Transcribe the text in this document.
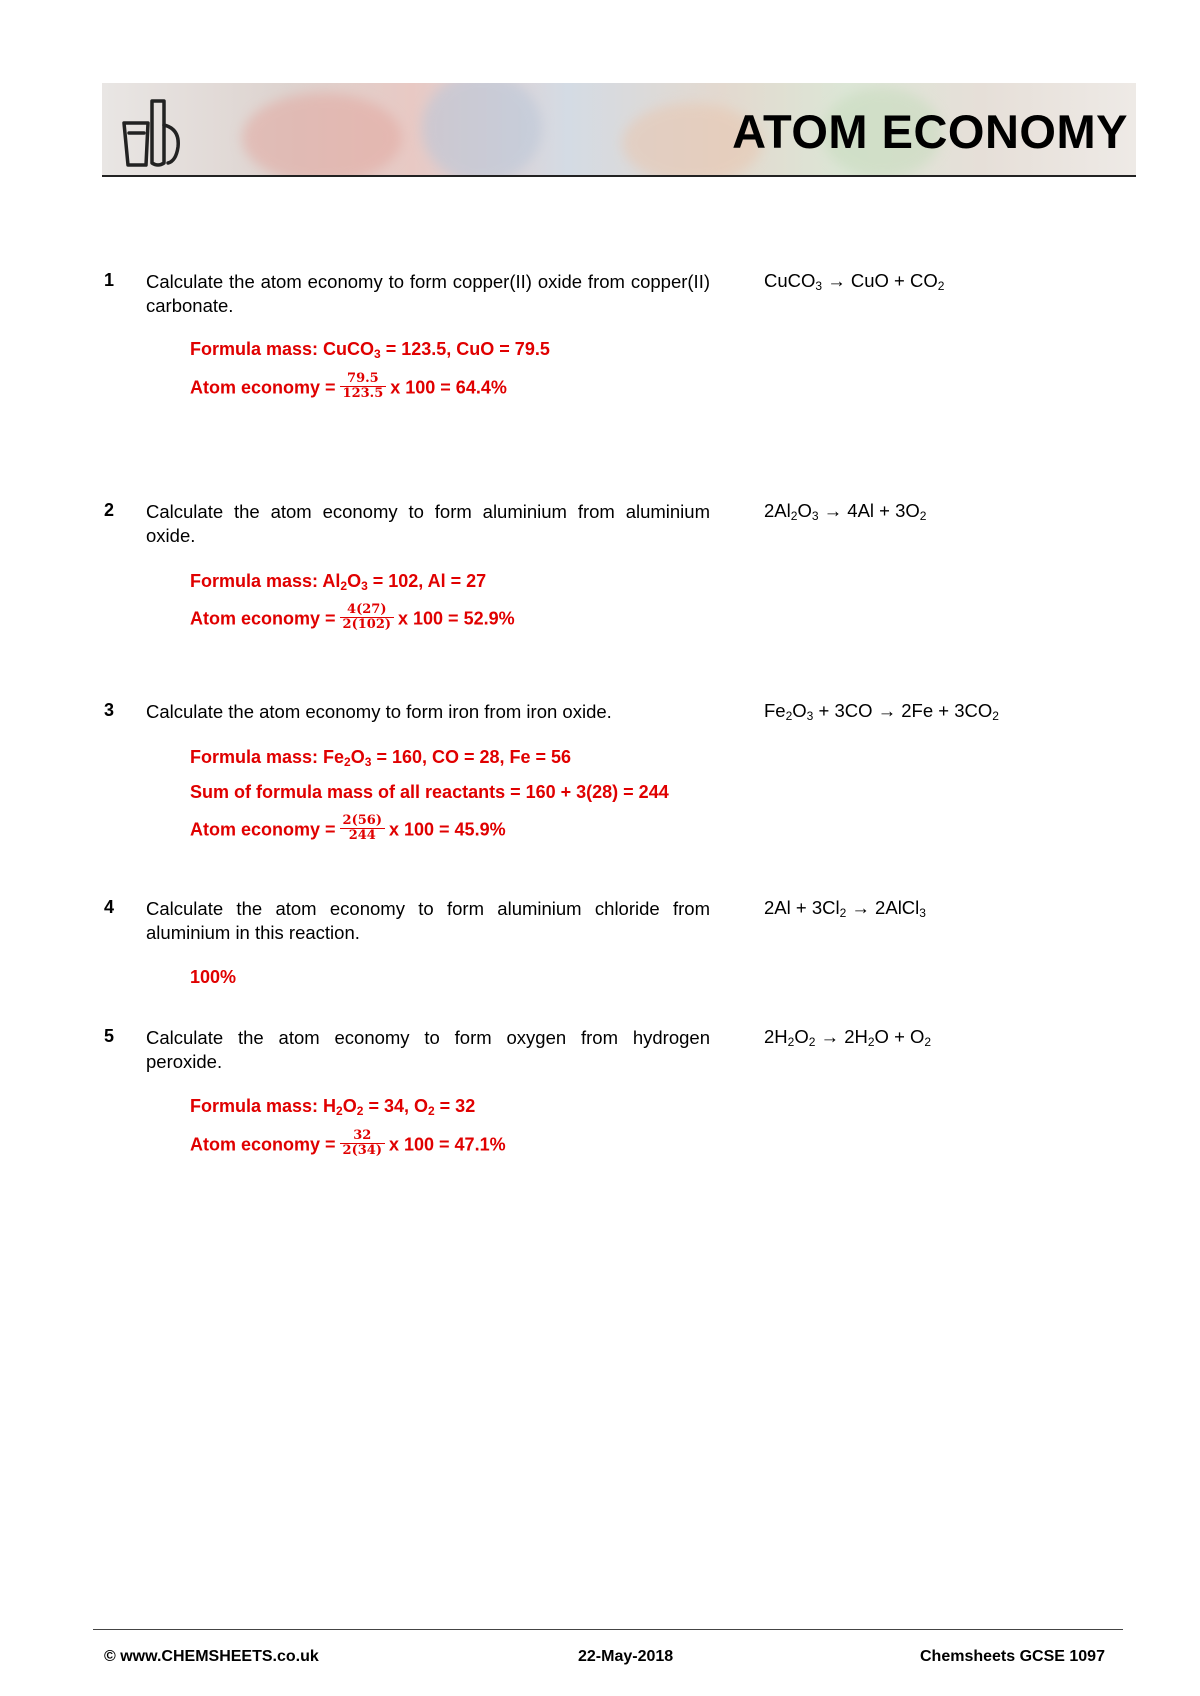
ATOM ECONOMY
1 Calculate the atom economy to form copper(II) oxide from copper(II) carbonate.
CuCO$_3$ → CuO + $CO_2$
Formula mass: CuCO$_3$ = 123.5, CuO = 79.5
Atom economy = $\frac{79.5}{123.5}$ x 100 = 64.4%
2 Calculate the atom economy to form aluminium from aluminium oxide.
$2Al_2O_3 \to 4Al + 3O_2$
Formula mass: $Al_2O_3 = 102$, Al = 27
Atom economy = $\frac{4(27)}{2(102)}$ x 100 = 52.9%
3 Calculate the atom economy to form iron from iron oxide.	$Fe_2O_3 + 3CO \to 2Fe + 3CO_2$
Formula mass: $Fe_2O_3 = 160$, CO = 28, Fe = 56
Sum of formula mass of all reactants = 160 + 3(28) = 244
Atom economy = $\frac{2(56)}{244}$ x 100 = 45.9%
4 Calculate the atom economy to form aluminium chloride from aluminium in this reaction.
$2Al + 3Cl_2$ → 2AlCl$_3$
100%
5 Calculate the atom economy to form oxygen from hydrogen peroxide.
$2H_2O_2 \to 2H_2O + O_2$
Formula mass: $H_2O_2 = 34$, $O_2 = 32$
Atom economy = $\frac{32}{2(34)}$ x 100 = 47.1%
© www.CHEMSHEETS.co.uk	22-May-2018	Chemsheets GCSE 1097
